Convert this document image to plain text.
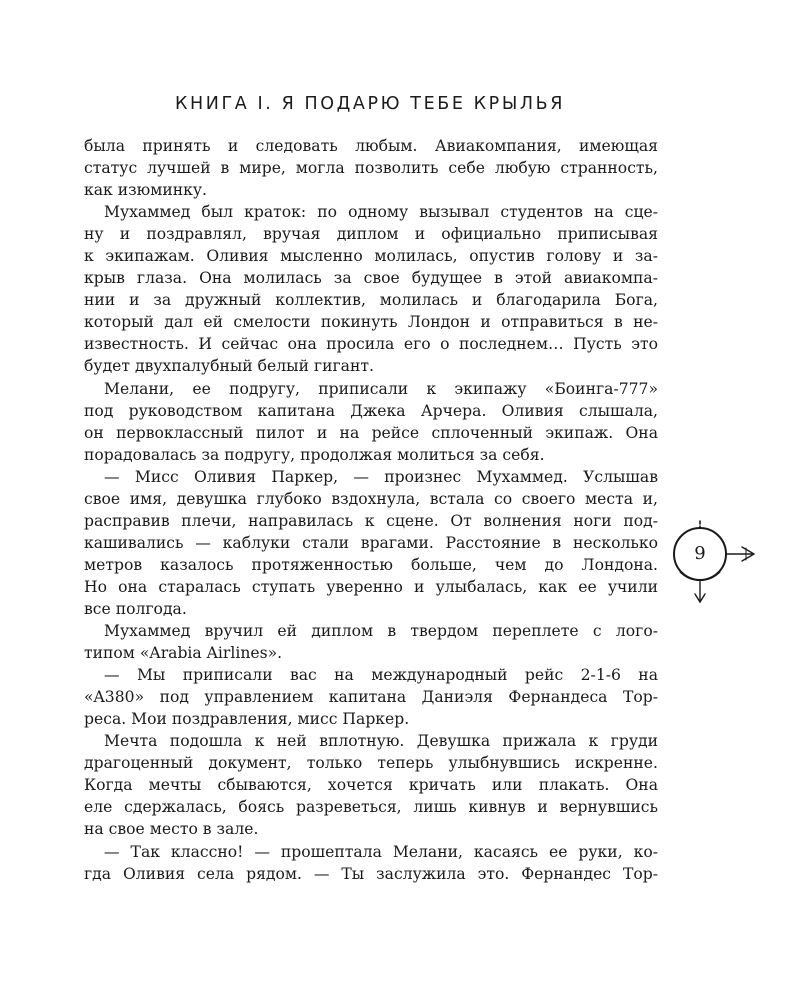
КНИГА I. Я ПОДАРЮ ТЕБЕ КРЫЛЬЯ
была принять и следовать любым. Авиакомпания, имеющая
статус лучшей в мире, могла позволить себе любую странность,
как изюминку.
Мухаммед был краток: по одному вызывал студентов на сце-
ну и поздравлял, вручая диплом и официально приписывая
к экипажам. Оливия мысленно молилась, опустив голову и за-
крыв глаза. Она молилась за свое будущее в этой авиакомпа-
нии и за дружный коллектив, молилась и благодарила Бога,
который дал ей смелости покинуть Лондон и отправиться в не-
известность. И сейчас она просила его о последнем… Пусть это
будет двухпалубный белый гигант.
Мелани, ее подругу, приписали к экипажу «Боинга-777»
под руководством капитана Джека Арчера. Оливия слышала,
он первоклассный пилот и на рейсе сплоченный экипаж. Она
порадовалась за подругу, продолжая молиться за себя.
— Мисс Оливия Паркер, — произнес Мухаммед. Услышав
свое имя, девушка глубоко вздохнула, встала со своего места и,
расправив плечи, направилась к сцене. От волнения ноги под-
кашивались — каблуки стали врагами. Расстояние в несколько
метров казалось протяженностью больше, чем до Лондона.
Но она старалась ступать уверенно и улыбалась, как ее учили
все полгода.
Мухаммед вручил ей диплом в твердом переплете с лого-
типом «Arabia Airlines».
— Мы приписали вас на международный рейс 2-1-6 на
«A380» под управлением капитана Даниэля Фернандеса Тор-
реса. Мои поздравления, мисс Паркер.
Мечта подошла к ней вплотную. Девушка прижала к груди
драгоценный документ, только теперь улыбнувшись искренне.
Когда мечты сбываются, хочется кричать или плакать. Она
еле сдержалась, боясь разреветься, лишь кивнув и вернувшись
на свое место в зале.
— Так классно! — прошептала Мелани, касаясь ее руки, ко-
гда Оливия села рядом. — Ты заслужила это. Фернандес Тор-
9
